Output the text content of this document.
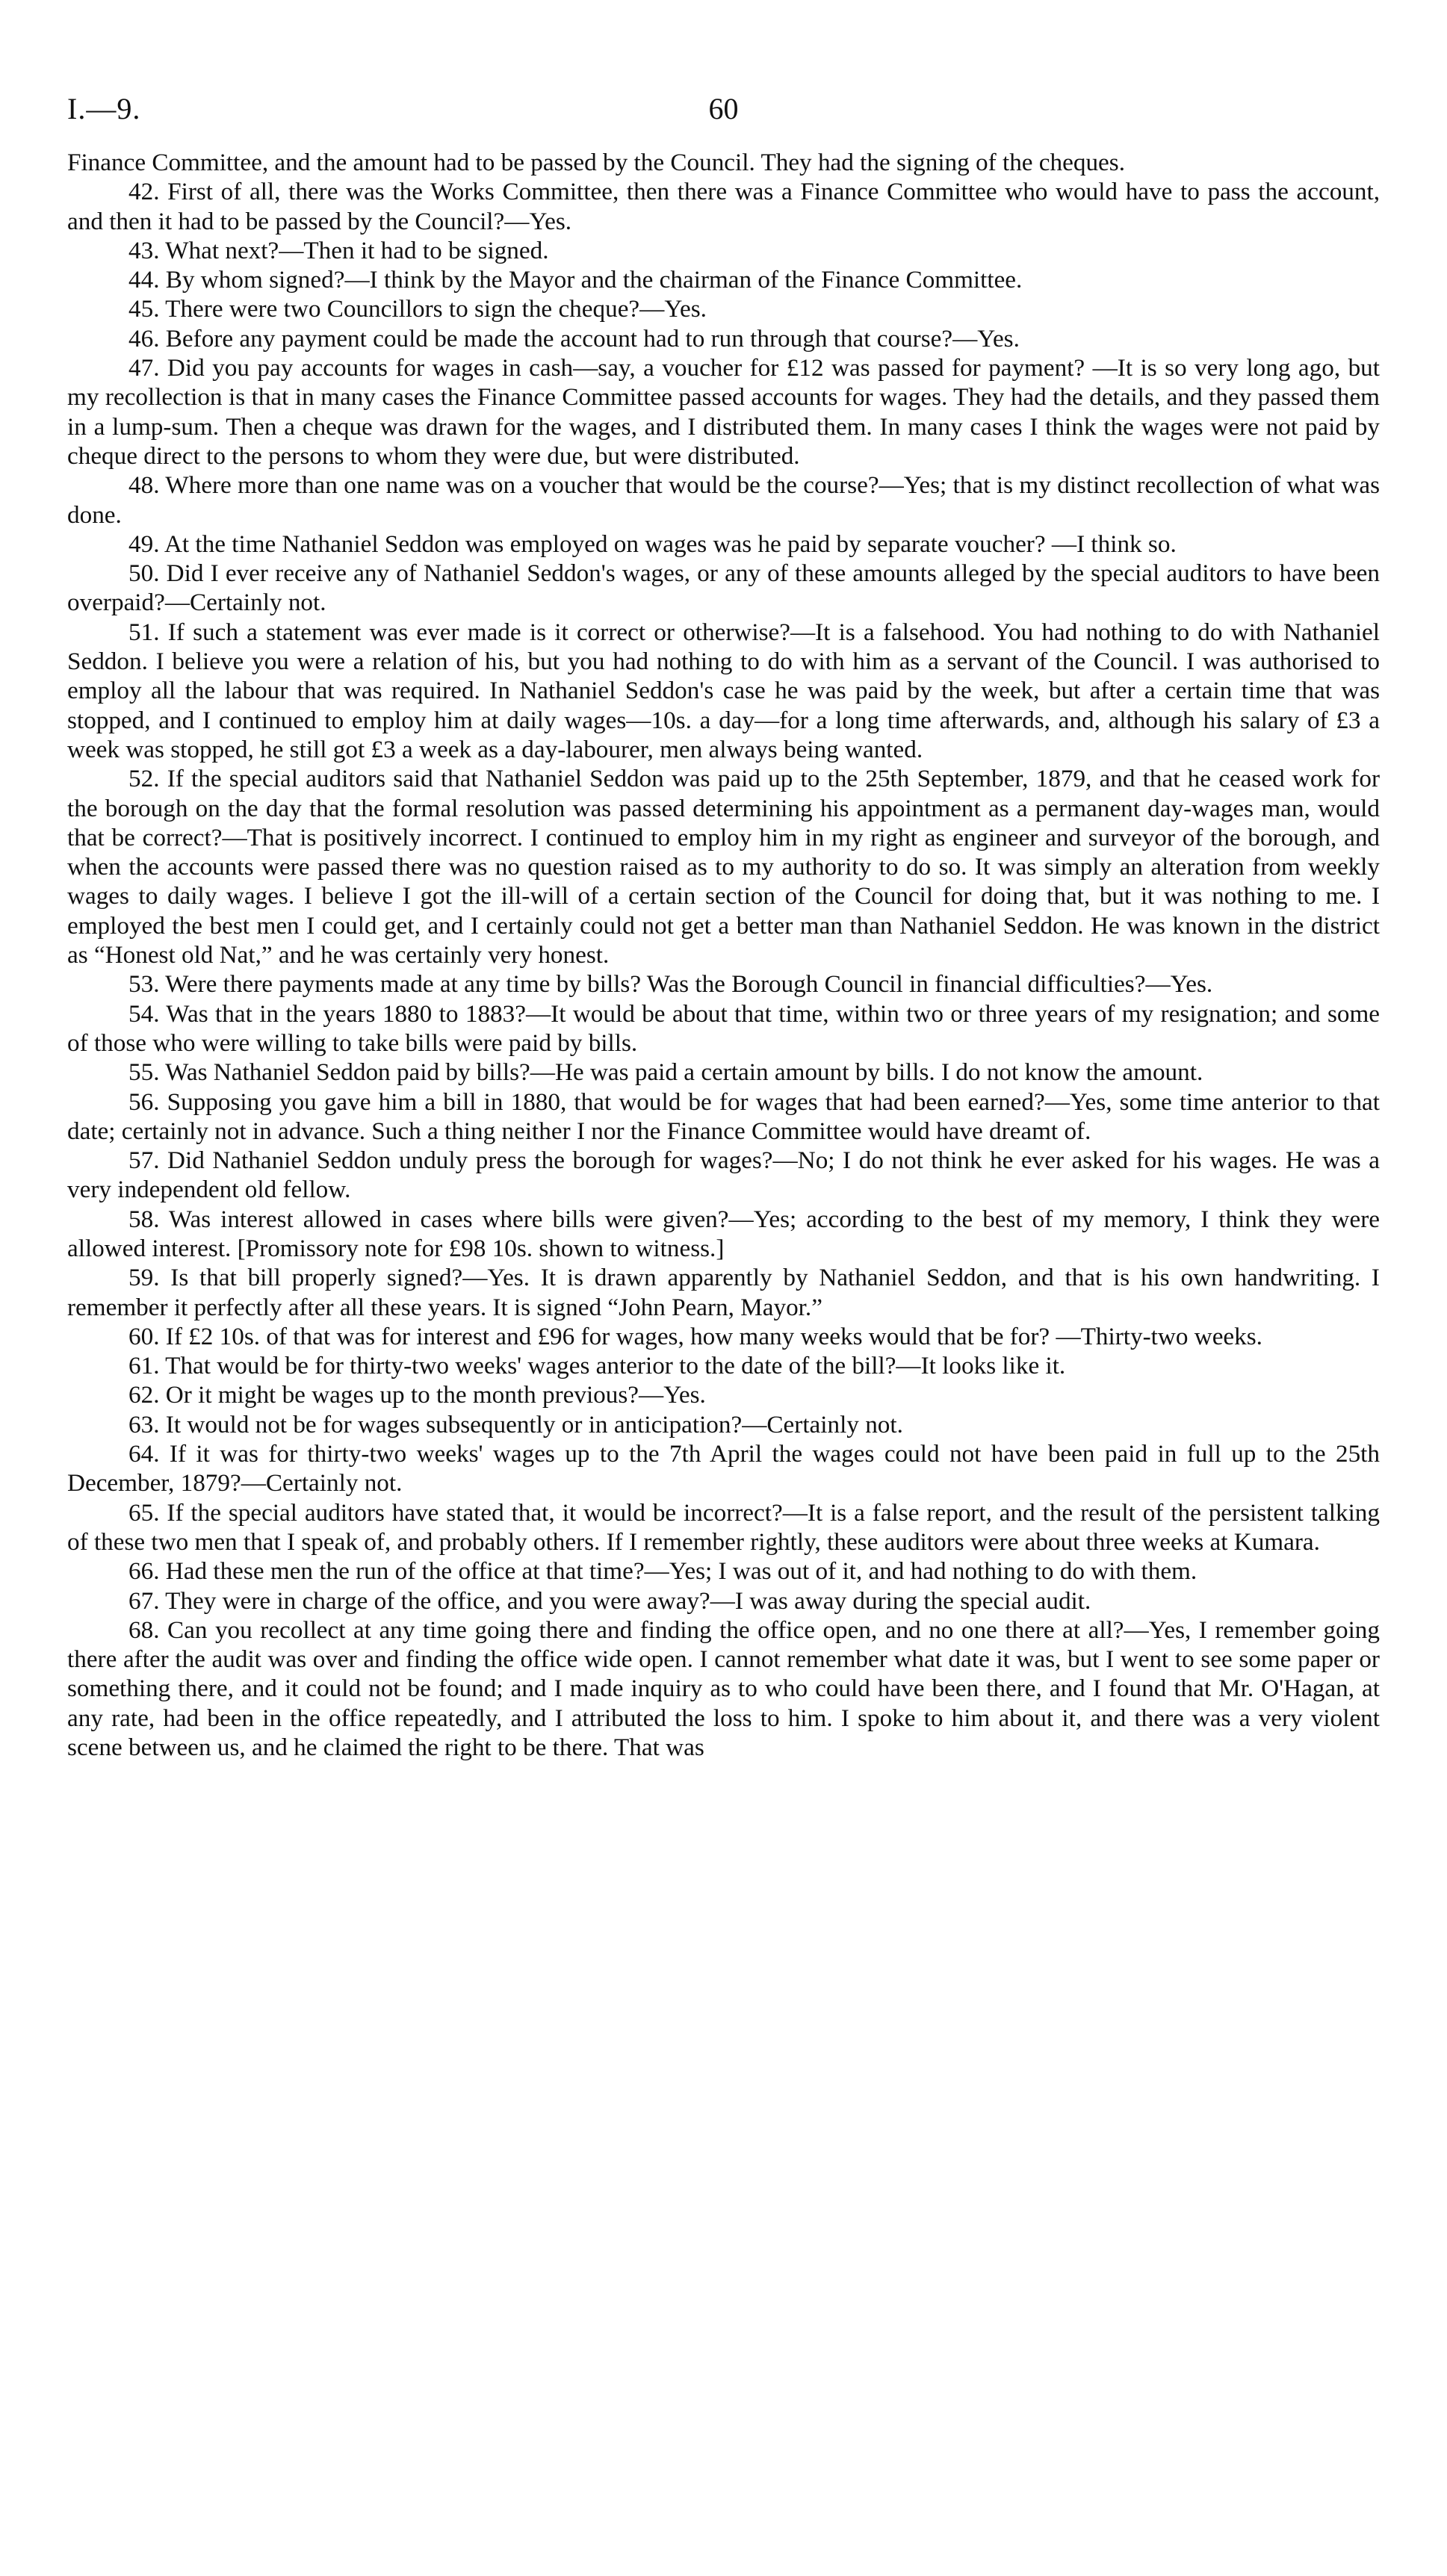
I.—9.	60

Finance Committee, and the amount had to be passed by the Council. They had the signing of the cheques.

42. First of all, there was the Works Committee, then there was a Finance Committee who would have to pass the account, and then it had to be passed by the Council?—Yes.

43. What next?—Then it had to be signed.

44. By whom signed?—I think by the Mayor and the chairman of the Finance Committee.

45. There were two Councillors to sign the cheque?—Yes.

46. Before any payment could be made the account had to run through that course?—Yes.

47. Did you pay accounts for wages in cash—say, a voucher for £12 was passed for payment? —It is so very long ago, but my recollection is that in many cases the Finance Committee passed accounts for wages. They had the details, and they passed them in a lump-sum. Then a cheque was drawn for the wages, and I distributed them. In many cases I think the wages were not paid by cheque direct to the persons to whom they were due, but were distributed.

48. Where more than one name was on a voucher that would be the course?—Yes; that is my distinct recollection of what was done.

49. At the time Nathaniel Seddon was employed on wages was he paid by separate voucher? —I think so.

50. Did I ever receive any of Nathaniel Seddon's wages, or any of these amounts alleged by the special auditors to have been overpaid?—Certainly not.

51. If such a statement was ever made is it correct or otherwise?—It is a falsehood. You had nothing to do with Nathaniel Seddon. I believe you were a relation of his, but you had nothing to do with him as a servant of the Council. I was authorised to employ all the labour that was required. In Nathaniel Seddon's case he was paid by the week, but after a certain time that was stopped, and I continued to employ him at daily wages—10s. a day—for a long time afterwards, and, although his salary of £3 a week was stopped, he still got £3 a week as a day-labourer, men always being wanted.

52. If the special auditors said that Nathaniel Seddon was paid up to the 25th September, 1879, and that he ceased work for the borough on the day that the formal resolution was passed determining his appointment as a permanent day-wages man, would that be correct?—That is positively incorrect. I continued to employ him in my right as engineer and surveyor of the borough, and when the accounts were passed there was no question raised as to my authority to do so. It was simply an alteration from weekly wages to daily wages. I believe I got the ill-will of a certain section of the Council for doing that, but it was nothing to me. I employed the best men I could get, and I certainly could not get a better man than Nathaniel Seddon. He was known in the district as “Honest old Nat,” and he was certainly very honest.

53. Were there payments made at any time by bills? Was the Borough Council in financial difficulties?—Yes.

54. Was that in the years 1880 to 1883?—It would be about that time, within two or three years of my resignation; and some of those who were willing to take bills were paid by bills.

55. Was Nathaniel Seddon paid by bills?—He was paid a certain amount by bills. I do not know the amount.

56. Supposing you gave him a bill in 1880, that would be for wages that had been earned?—Yes, some time anterior to that date; certainly not in advance. Such a thing neither I nor the Finance Committee would have dreamt of.

57. Did Nathaniel Seddon unduly press the borough for wages?—No; I do not think he ever asked for his wages. He was a very independent old fellow.

58. Was interest allowed in cases where bills were given?—Yes; according to the best of my memory, I think they were allowed interest. [Promissory note for £98 10s. shown to witness.]

59. Is that bill properly signed?—Yes. It is drawn apparently by Nathaniel Seddon, and that is his own handwriting. I remember it perfectly after all these years. It is signed “John Pearn, Mayor.”

60. If £2 10s. of that was for interest and £96 for wages, how many weeks would that be for? —Thirty-two weeks.

61. That would be for thirty-two weeks' wages anterior to the date of the bill?—It looks like it.

62. Or it might be wages up to the month previous?—Yes.

63. It would not be for wages subsequently or in anticipation?—Certainly not.

64. If it was for thirty-two weeks' wages up to the 7th April the wages could not have been paid in full up to the 25th December, 1879?—Certainly not.

65. If the special auditors have stated that, it would be incorrect?—It is a false report, and the result of the persistent talking of these two men that I speak of, and probably others. If I remember rightly, these auditors were about three weeks at Kumara.

66. Had these men the run of the office at that time?—Yes; I was out of it, and had nothing to do with them.

67. They were in charge of the office, and you were away?—I was away during the special audit.

68. Can you recollect at any time going there and finding the office open, and no one there at all?—Yes, I remember going there after the audit was over and finding the office wide open. I cannot remember what date it was, but I went to see some paper or something there, and it could not be found; and I made inquiry as to who could have been there, and I found that Mr. O'Hagan, at any rate, had been in the office repeatedly, and I attributed the loss to him. I spoke to him about it, and there was a very violent scene between us, and he claimed the right to be there. That was
